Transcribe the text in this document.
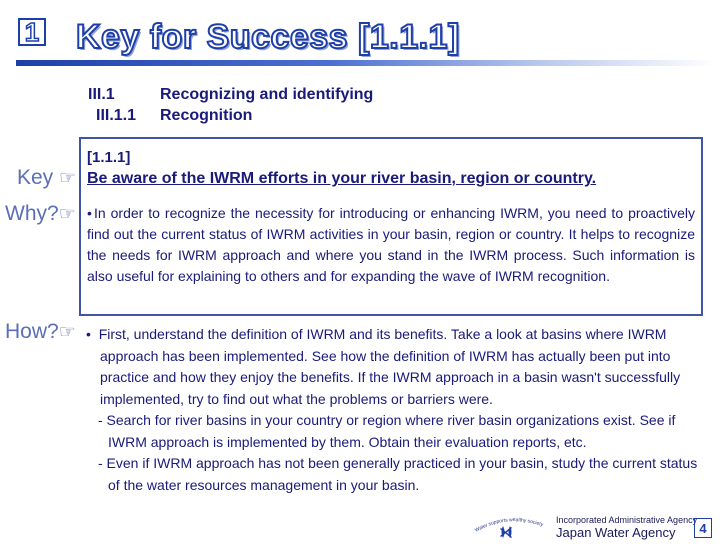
1 Key for Success [1.1.1]
III.1	Recognizing and identifying
III.1.1 Recognition
Key ☞
Why?☞
How?☞
[1.1.1]
Be aware of the IWRM efforts in your river basin, region or country.
• In order to recognize the necessity for introducing or enhancing IWRM, you need to proactively find out the current status of IWRM activities in your basin, region or country. It helps to recognize the needs for IWRM approach and where you stand in the IWRM process. Such information is also useful for explaining to others and for expanding the wave of IWRM recognition.

• First, understand the definition of IWRM and its benefits. Take a look at basins where IWRM approach has been implemented. See how the definition of IWRM has actually been put into practice and how they enjoy the benefits. If the IWRM approach in a basin wasn't successfully implemented, try to find out what the problems or barriers were.

- Search for river basins in your country or region where river basin organizations exist. See if IWRM approach is implemented by them. Obtain their evaluation reports, etc.

- Even if IWRM approach has not been generally practiced in your basin, study the current status of the water resources management in your basin.

Water supports wealthy society Incorporated Administrative Agency
Japan Water Agency 4
